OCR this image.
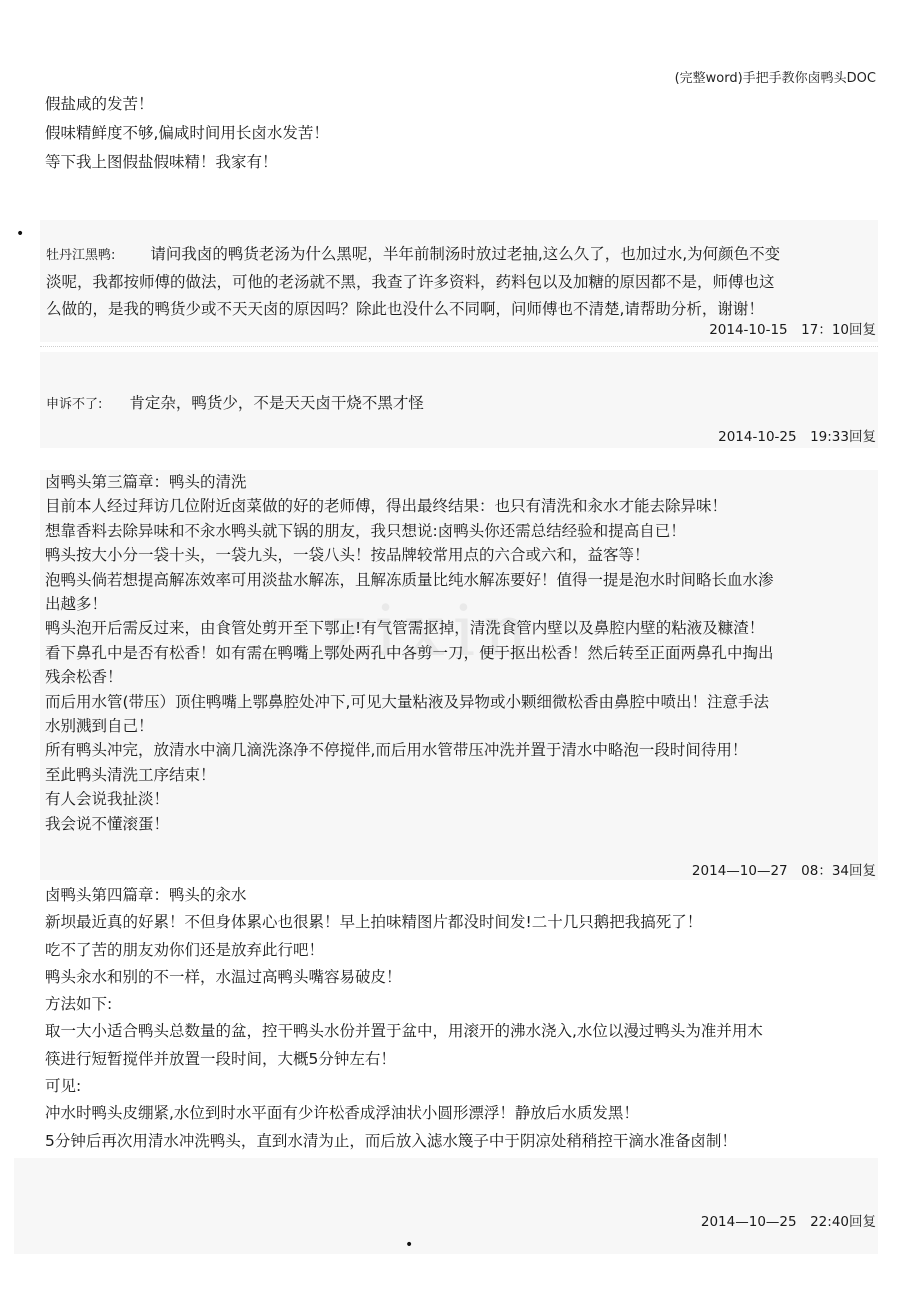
(完整word)手把手教你卤鸭头DOC
假盐咸的发苦！
假味精鲜度不够,偏咸时间用长卤水发苦！
等下我上图假盐假味精！我家有！
•
牡丹江黑鸭: 请问我卤的鸭货老汤为什么黑呢，半年前制汤时放过老抽,这么久了，也加过水,为何颜色不变
淡呢，我都按师傅的做法，可他的老汤就不黑，我查了许多资料，药料包以及加糖的原因都不是，师傅也这
么做的，是我的鸭货少或不天天卤的原因吗？除此也没什么不同啊，问师傅也不清楚,请帮助分析，谢谢！
2014-10-15　17：10回复
申诉不了: 肯定杂，鸭货少，不是天天卤干烧不黑才怪
2014-10-25　19:33回复
卤鸭头第三篇章：鸭头的清洗
目前本人经过拜访几位附近卤菜做的好的老师傅，得出最终结果：也只有清洗和汆水才能去除异味！
想靠香料去除异味和不汆水鸭头就下锅的朋友，我只想说:卤鸭头你还需总结经验和提高自已！
鸭头按大小分一袋十头，一袋九头，一袋八头！按品牌较常用点的六合或六和，益客等！
泡鸭头倘若想提高解冻效率可用淡盐水解冻，且解冻质量比纯水解冻要好！值得一提是泡水时间略长血水渗
出越多！
鸭头泡开后需反过来，由食管处剪开至下鄂止!有气管需抠掉，清洗食管内壁以及鼻腔内壁的粘液及糠渣！
看下鼻孔中是否有松香！如有需在鸭嘴上鄂处两孔中各剪一刀，便于抠出松香！然后转至正面两鼻孔中掏出
残余松香！
而后用水管(带压）顶住鸭嘴上鄂鼻腔处冲下,可见大量粘液及异物或小颗细微松香由鼻腔中喷出！注意手法
水别溅到自己！
所有鸭头冲完，放清水中滴几滴洗涤净不停搅伴,而后用水管带压冲洗并置于清水中略泡一段时间待用！
至此鸭头清洗工序结束！
有人会说我扯淡！
我会说不懂滚蛋！
2014—10—27　08：34回复
zixin
卤鸭头第四篇章：鸭头的汆水
新坝最近真的好累！不但身体累心也很累！早上拍味精图片都没时间发!二十几只鹅把我搞死了！
吃不了苦的朋友劝你们还是放弃此行吧！
鸭头汆水和别的不一样，水温过高鸭头嘴容易破皮！
方法如下:
取一大小适合鸭头总数量的盆，控干鸭头水份并置于盆中，用滚开的沸水浇入,水位以漫过鸭头为准并用木
筷进行短暂搅伴并放置一段时间，大概5分钟左右！
可见:
冲水时鸭头皮绷紧,水位到时水平面有少许松香成浮油状小圆形漂浮！静放后水质发黑！
5分钟后再次用清水冲洗鸭头，直到水清为止，而后放入滤水篾子中于阴凉处稍稍控干滴水准备卤制！
2014—10—25　22:40回复
•
